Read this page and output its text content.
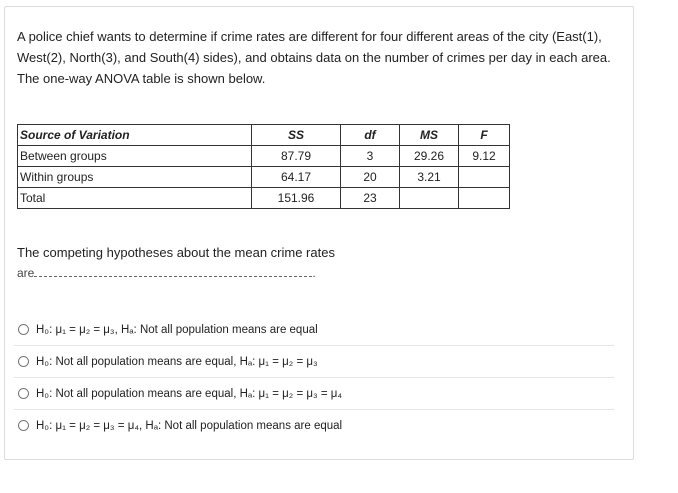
A police chief wants to determine if crime rates are different for four different areas of the city (East(1), West(2), North(3), and South(4) sides), and obtains data on the number of crimes per day in each area. The one-way ANOVA table is shown below.
Source of Variation	SS	df	MS	F
Between groups	87.79	3	29.26	9.12
Within groups	64.17	20	3.21	
Total	151.96	23		
The competing hypotheses about the mean crime rates
are	.
H₀: μ₁ = μ₂ = μ₃, Hₐ: Not all population means are equal
H₀: Not all population means are equal, Hₐ: μ₁ = μ₂ = μ₃
H₀: Not all population means are equal, Hₐ: μ₁ = μ₂ = μ₃ = μ₄
H₀: μ₁ = μ₂ = μ₃ = μ₄, Hₐ: Not all population means are equal
